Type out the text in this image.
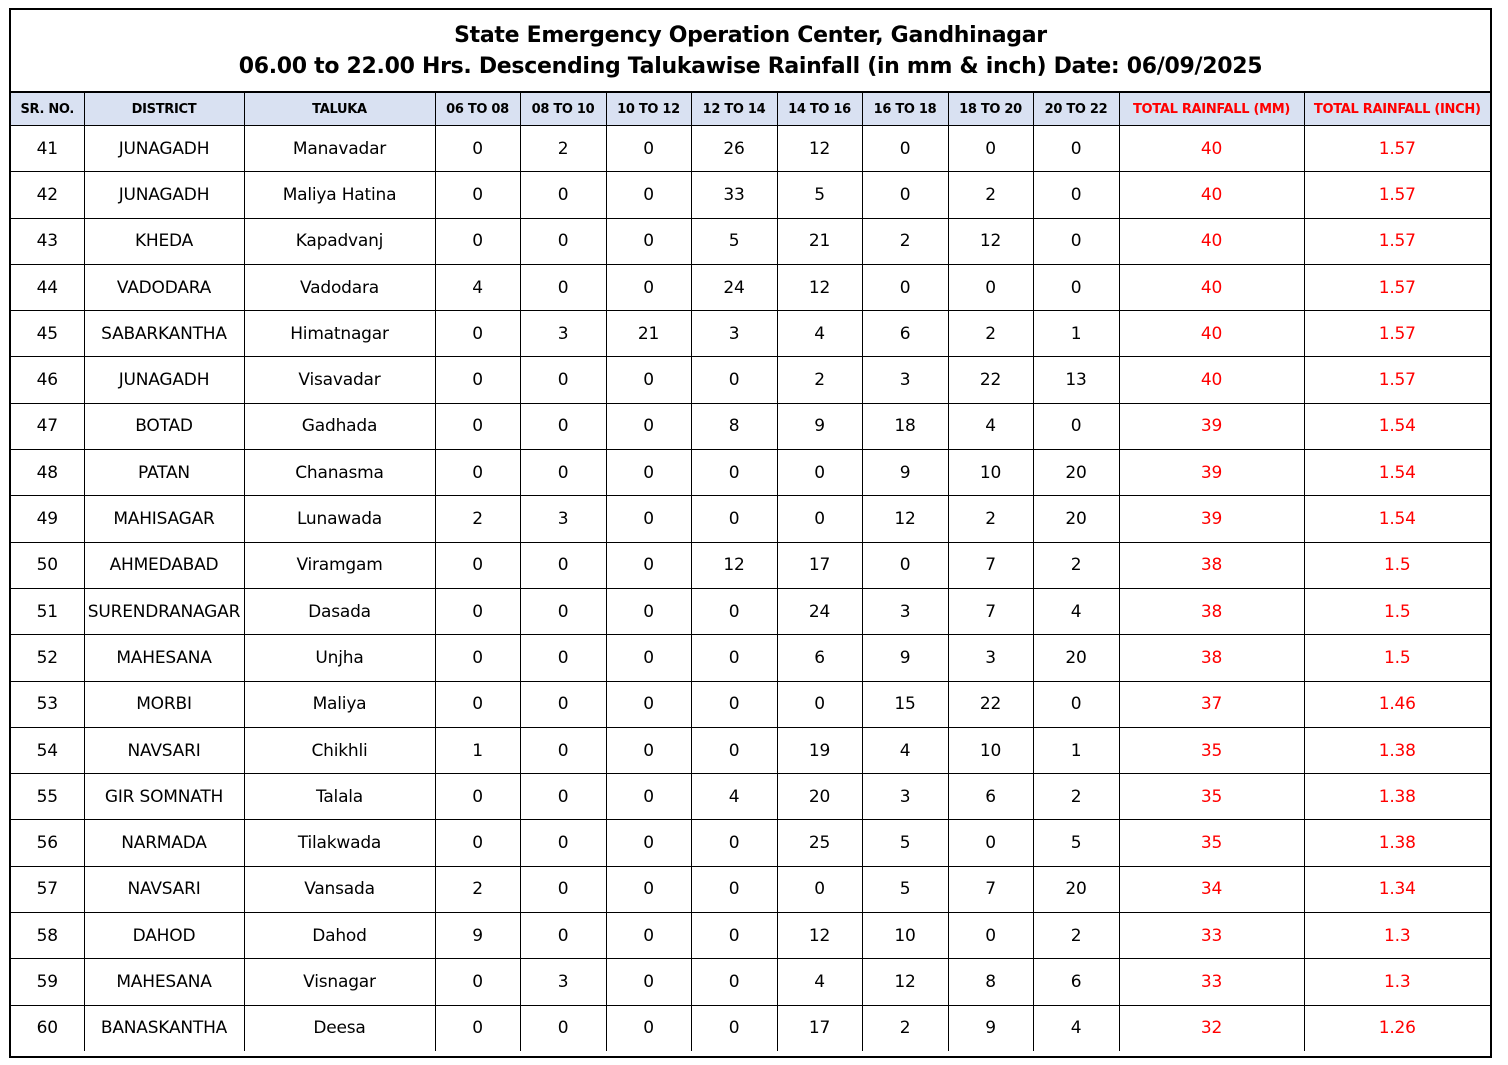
State Emergency Operation Center, Gandhinagar
06.00 to 22.00 Hrs. Descending Talukawise Rainfall (in mm & inch) Date: 06/09/2025
SR. NO.	DISTRICT	TALUKA	06 TO 08	08 TO 10	10 TO 12	12 TO 14	14 TO 16	16 TO 18	18 TO 20	20 TO 22	TOTAL RAINFALL (MM)	TOTAL RAINFALL (INCH)
41	JUNAGADH	Manavadar	0	2	0	26	12	0	0	0	40	1.57
42	JUNAGADH	Maliya Hatina	0	0	0	33	5	0	2	0	40	1.57
43	KHEDA	Kapadvanj	0	0	0	5	21	2	12	0	40	1.57
44	VADODARA	Vadodara	4	0	0	24	12	0	0	0	40	1.57
45	SABARKANTHA	Himatnagar	0	3	21	3	4	6	2	1	40	1.57
46	JUNAGADH	Visavadar	0	0	0	0	2	3	22	13	40	1.57
47	BOTAD	Gadhada	0	0	0	8	9	18	4	0	39	1.54
48	PATAN	Chanasma	0	0	0	0	0	9	10	20	39	1.54
49	MAHISAGAR	Lunawada	2	3	0	0	0	12	2	20	39	1.54
50	AHMEDABAD	Viramgam	0	0	0	12	17	0	7	2	38	1.5
51	SURENDRANAGAR	Dasada	0	0	0	0	24	3	7	4	38	1.5
52	MAHESANA	Unjha	0	0	0	0	6	9	3	20	38	1.5
53	MORBI	Maliya	0	0	0	0	0	15	22	0	37	1.46
54	NAVSARI	Chikhli	1	0	0	0	19	4	10	1	35	1.38
55	GIR SOMNATH	Talala	0	0	0	4	20	3	6	2	35	1.38
56	NARMADA	Tilakwada	0	0	0	0	25	5	0	5	35	1.38
57	NAVSARI	Vansada	2	0	0	0	0	5	7	20	34	1.34
58	DAHOD	Dahod	9	0	0	0	12	10	0	2	33	1.3
59	MAHESANA	Visnagar	0	3	0	0	4	12	8	6	33	1.3
60	BANASKANTHA	Deesa	0	0	0	0	17	2	9	4	32	1.26
